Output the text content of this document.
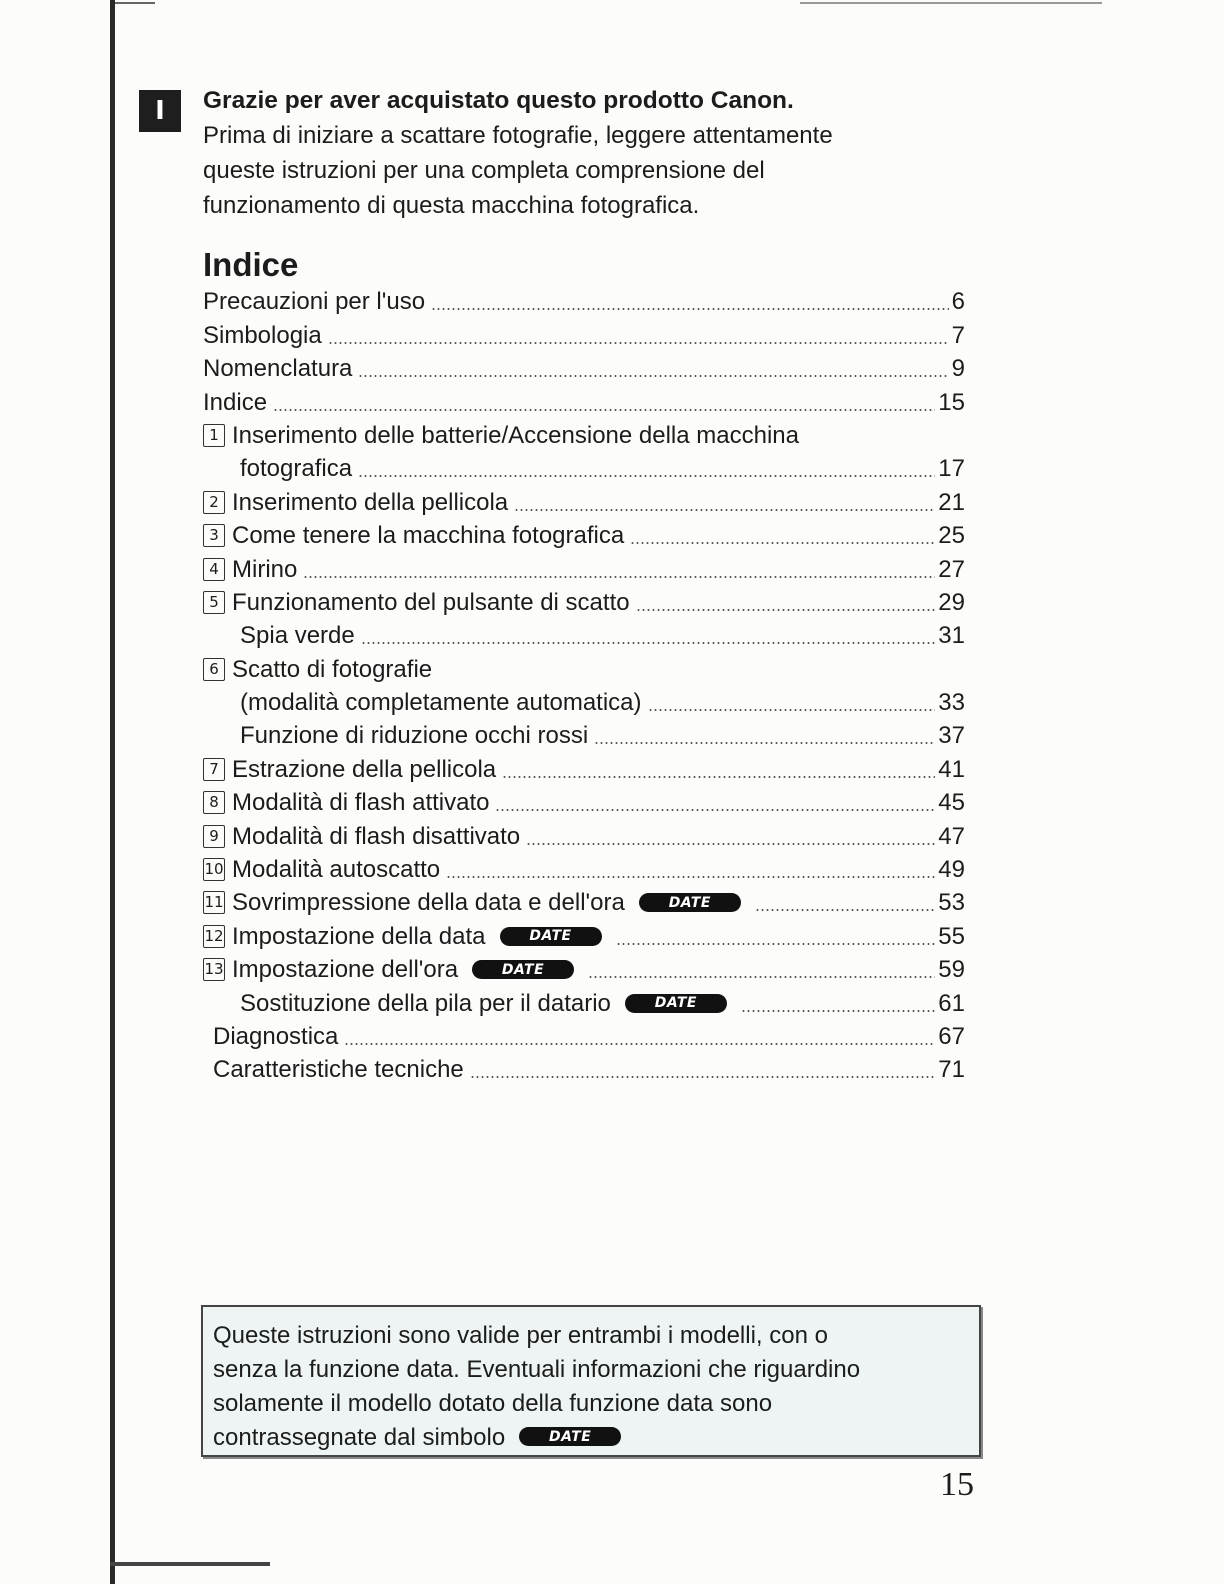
I	Grazie per aver acquistato questo prodotto Canon.
Prima di iniziare a scattare fotografie, leggere attentamente
queste istruzioni per una completa comprensione del
funzionamento di questa macchina fotografica.
Indice
Precauzioni per l'uso	6
Simbologia	7
Nomenclatura	9
Indice	15
1 Inserimento delle batterie/Accensione della macchina
fotografica	17
2 Inserimento della pellicola	21
3 Come tenere la macchina fotografica	25
4 Mirino	27
5 Funzionamento del pulsante di scatto	29
Spia verde	31
6 Scatto di fotografie
(modalità completamente automatica)	33
Funzione di riduzione occhi rossi	37
7 Estrazione della pellicola	41
8 Modalità di flash attivato	45
9 Modalità di flash disattivato	47
10 Modalità autoscatto	49
11 Sovrimpressione della data e dell'ora	DATE	53
12 Impostazione della data	DATE	55
13 Impostazione dell'ora	DATE	59
Sostituzione della pila per il datario	DATE	61
Diagnostica	67
Caratteristiche tecniche	71
Queste istruzioni sono valide per entrambi i modelli, con o
senza la funzione data. Eventuali informazioni che riguardino
solamente il modello dotato della funzione data sono
contrassegnate dal simbolo	DATE
15
